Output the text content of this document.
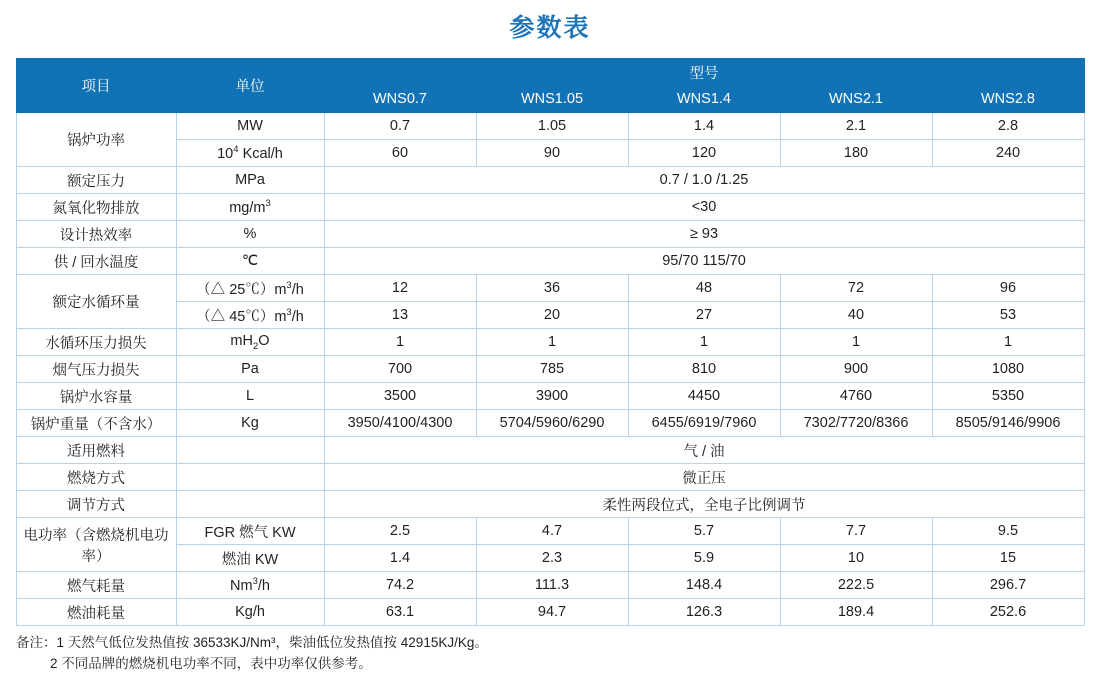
参数表
项目	单位	型号				
		WNS0.7	WNS1.05	WNS1.4	WNS2.1	WNS2.8
锅炉功率	MW	0.7	1.05	1.4	2.1	2.8
	$10^4$ Kcal/h	60	90	120	180	240
额定压力	MPa	0.7 / 1.0 /1.25				
氮氧化物排放	$mg/m^3$	<30				
设计热效率	%	≥ 93				
供 / 回水温度	℃	95/70 115/70				
额定水循环量	（△ $25℃)m^3/h$	12	36	48	72	96
	（△ $45℃)m^3/h$	13	20	27	40	53
水循环压力损失	$mH_2O$	1	1	1	1	1
烟气压力损失	Pa	700	785	810	900	1080
锅炉水容量	L	3500	3900	4450	4760	5350
锅炉重量（不含水）	Kg	3950/4100/4300	5704/5960/6290	6455/6919/7960	7302/7720/8366	8505/9146/9906
适用燃料		气 / 油				
燃烧方式		微正压				
调节方式		柔性两段位式，全电子比例调节				
电功率（含燃烧机电功率）	FGR 燃气 KW	2.5	4.7	5.7	7.7	9.5
	燃油 KW	1.4	2.3	5.9	10	15
燃气耗量	Nm$^3$/h	74.2	111.3	148.4	222.5	296.7
燃油耗量	Kg/h	63.1	94.7	126.3	189.4	252.6
备注：1 天然气低位发热值按 36533KJ/Nm³，柴油低位发热值按 42915KJ/Kg。
2 不同品牌的燃烧机电功率不同，表中功率仅供参考。
